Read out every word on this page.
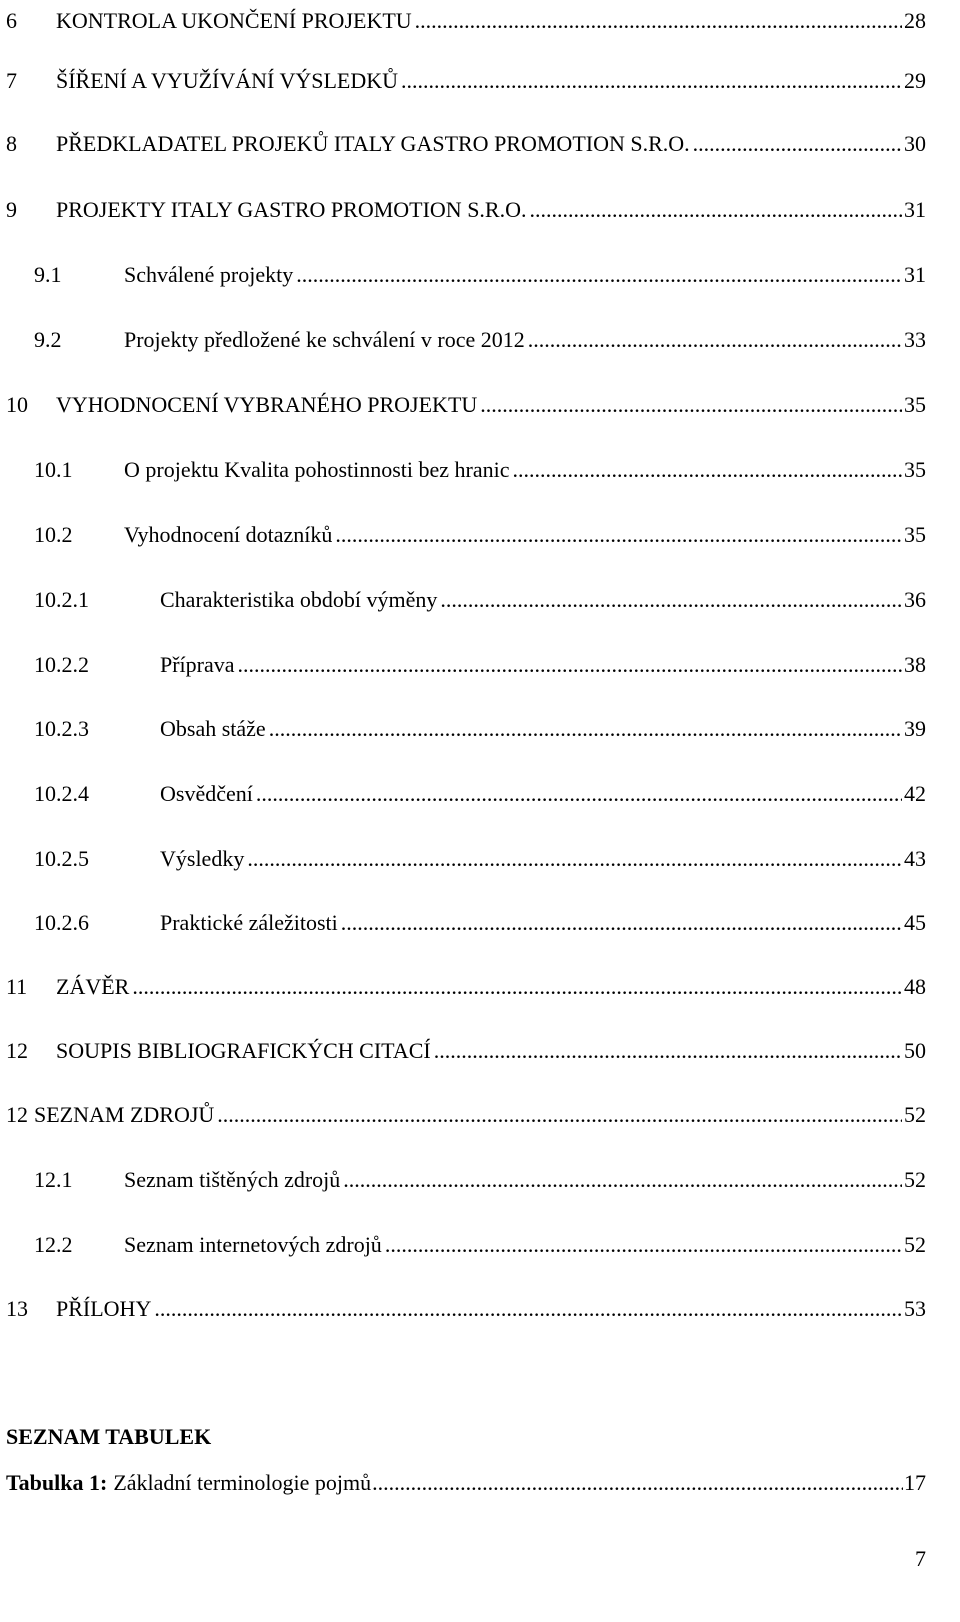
6	KONTROLA UKONČENÍ PROJEKTU .....	28
7	ŠÍŘENÍ A VYUŽÍVÁNÍ VÝSLEDKŮ .....	29
8	PŘEDKLADATEL PROJEKŮ ITALY GASTRO PROMOTION S.R.O. .....	30
9	PROJEKTY ITALY GASTRO PROMOTION S.R.O. .....	31
9.1	Schválené projekty .....	31
9.2	Projekty předložené ke schválení v roce 2012 .....	33
10	VYHODNOCENÍ VYBRANÉHO PROJEKTU .....	35
10.1	O projektu Kvalita pohostinnosti bez hranic .....	35
10.2	Vyhodnocení dotazníků .....	35
10.2.1	Charakteristika období výměny .....	36
10.2.2	Příprava .....	38
10.2.3	Obsah stáže .....	39
10.2.4	Osvědčení .....	42
10.2.5	Výsledky .....	43
10.2.6	Praktické záležitosti .....	45
11	ZÁVĚR .....	48
12	SOUPIS BIBLIOGRAFICKÝCH CITACÍ .....	50
12 SEZNAM ZDROJŮ .....	52
12.1	Seznam tištěných zdrojů .....	52
12.2	Seznam internetových zdrojů .....	52
13	PŘÍLOHY .....	53
SEZNAM TABULEK
Tabulka 1: Základní terminologie pojmů .....	17
7
